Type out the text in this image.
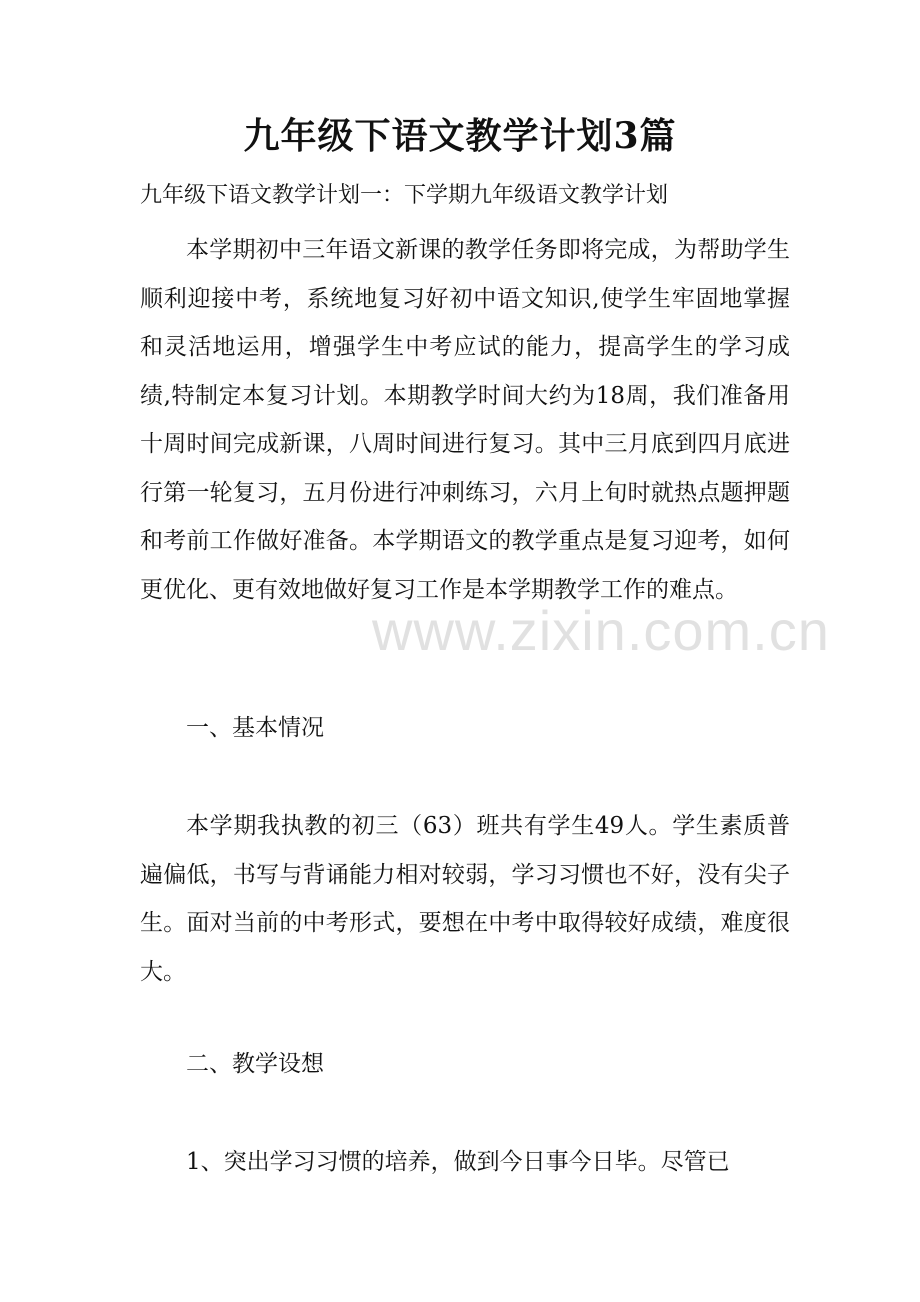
九年级下语文教学计划3篇

九年级下语文教学计划一：下学期九年级语文教学计划

本学期初中三年语文新课的教学任务即将完成，为帮助学生顺利迎接中考，系统地复习好初中语文知识,使学生牢固地掌握和灵活地运用，增强学生中考应试的能力，提高学生的学习成绩,特制定本复习计划。本期教学时间大约为18周，我们准备用十周时间完成新课，八周时间进行复习。其中三月底到四月底进行第一轮复习，五月份进行冲刺练习，六月上旬时就热点题押题和考前工作做好准备。本学期语文的教学重点是复习迎考，如何更优化、更有效地做好复习工作是本学期教学工作的难点。

一、基本情况

本学期我执教的初三（63）班共有学生49人。学生素质普遍偏低，书写与背诵能力相对较弱，学习习惯也不好，没有尖子生。面对当前的中考形式，要想在中考中取得较好成绩，难度很大。

二、教学设想

1、突出学习习惯的培养，做到今日事今日毕。尽管已

www.zixin.com.cn
